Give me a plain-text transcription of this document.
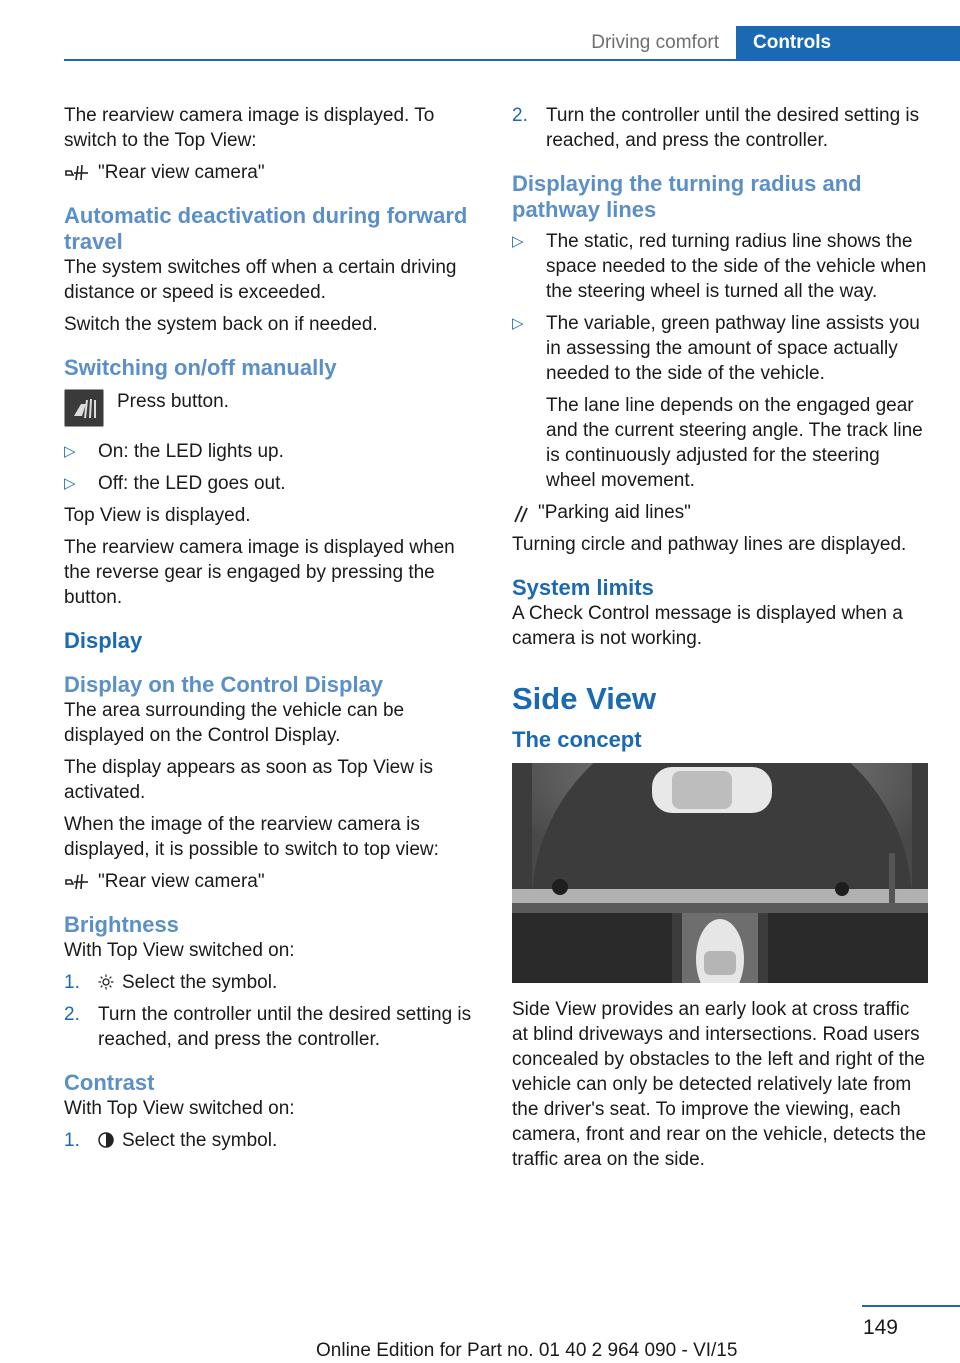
Driving comfort	Controls

The rearview camera image is displayed. To switch to the Top View:

"Rear view camera"
Automatic deactivation during forward travel

The system switches off when a certain driving distance or speed is exceeded.

Switch the system back on if needed.

Switching on/off manually
Press button.
▷ On: the LED lights up.
▷ Off: the LED goes out.

Top View is displayed.

The rearview camera image is displayed when the reverse gear is engaged by pressing the button.

Display
Display on the Control Display

The area surrounding the vehicle can be displayed on the Control Display.

The display appears as soon as Top View is activated.

When the image of the rearview camera is displayed, it is possible to switch to top view:

"Rear view camera"
Brightness

With Top View switched on:

1. Select the symbol.
2. Turn the controller until the desired setting is reached, and press the controller.
Contrast

With Top View switched on:

1. Select the symbol.
2. Turn the controller until the desired setting is reached, and press the controller.
Displaying the turning radius and pathway lines
▷ The static, red turning radius line shows the space needed to the side of the vehicle when the steering wheel is turned all the way.
▷ The variable, green pathway line assists you in assessing the amount of space actually needed to the side of the vehicle.
The lane line depends on the engaged gear and the current steering angle. The track line is continuously adjusted for the steering wheel movement.
"Parking aid lines"

Turning circle and pathway lines are displayed.

System limits

A Check Control message is displayed when a camera is not working.

Side View
The concept

Side View provides an early look at cross traffic at blind driveways and intersections. Road users concealed by obstacles to the left and right of the vehicle can only be detected relatively late from the driver's seat. To improve the viewing, each camera, front and rear on the vehicle, detects the traffic area on the side.

149
Online Edition for Part no. 01 40 2 964 090 - VI/15
